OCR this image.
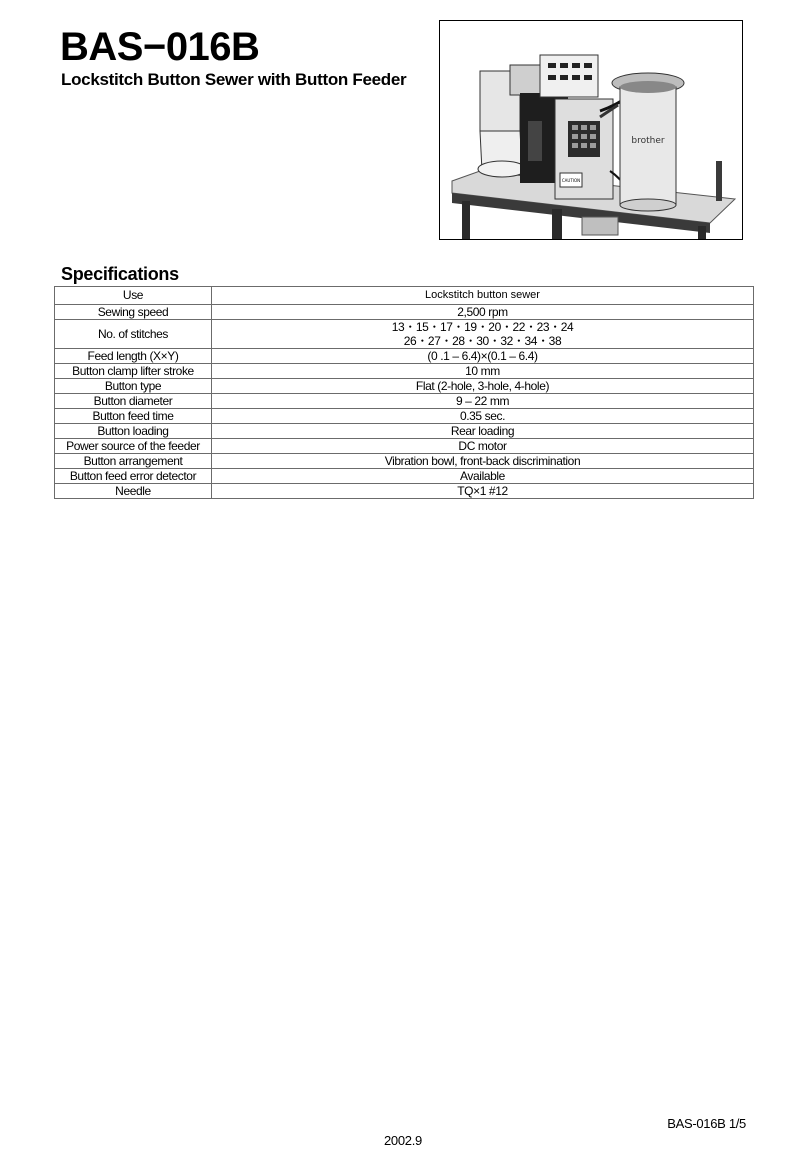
BAS−016B
Lockstitch Button Sewer with Button Feeder
CAUTION
brother
Specifications
Use	Lockstitch button sewer
Sewing speed	2,500 rpm
No. of stitches	13・15・17・19・20・22・23・24
26・27・28・30・32・34・38

Feed length (X×Y)	(0 .1 – 6.4)×(0.1 – 6.4)
Button clamp lifter stroke	10 mm
Button type	Flat (2-hole, 3-hole, 4-hole)
Button diameter	9 – 22 mm
Button feed time	0.35 sec.
Button loading	Rear loading
Power source of the feeder	DC motor
Button arrangement	Vibration bowl, front-back discrimination
Button feed error detector	Available
Needle	TQ×1 #12
BAS-016B 1/5
2002.9
